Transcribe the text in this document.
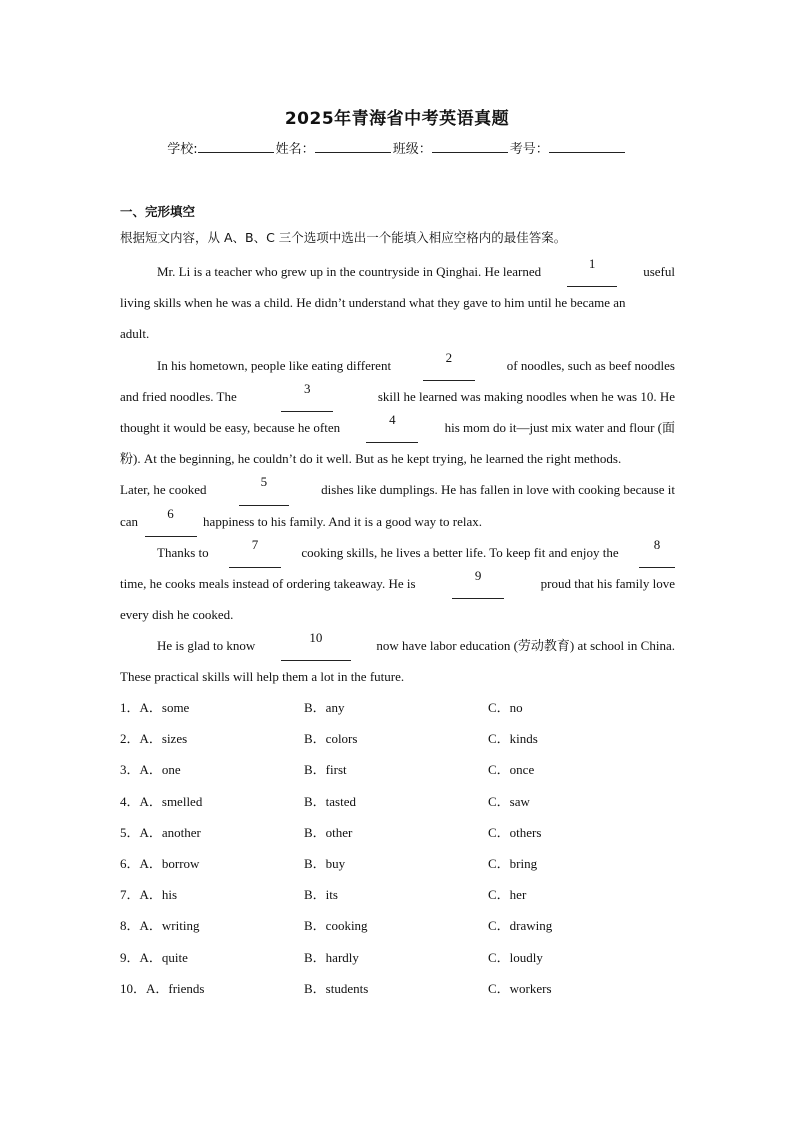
2025年青海省中考英语真题
学校:	姓名：	班级：	考号：
一、完形填空
根据短文内容，从 A、B、C 三个选项中选出一个能填入相应空格内的最佳答案。
Mr. Li is a teacher who grew up in the countryside in Qinghai. He learned
1
useful
living skills when he was a child. He didn’t understand what they gave to him until he became an
adult.
In his hometown, people like eating different
2
of noodles, such as beef noodles
and fried noodles. The
3
skill he learned was making noodles when he was 10. He
thought it would be easy, because he often
4
his mom do it—just mix water and flour (面
粉). At the beginning, he couldn’t do it well. But as he kept trying, he learned the right methods.
Later, he cooked
5
dishes like dumplings. He has fallen in love with cooking because it
can

6

happiness to his family. And it is a good way to relax.
Thanks to
7
cooking skills, he lives a better life. To keep fit and enjoy the
8
time, he cooks meals instead of ordering takeaway. He is
9
proud that his family love
every dish he cooked.
He is glad to know
10
now have labor education (劳动教育) at school in China.
These practical skills will help them a lot in the future.
1．A．some	B．any	C．no
2．A．sizes	B．colors	C．kinds
3．A．one	B．first	C．once
4．A．smelled	B．tasted	C．saw
5．A．another	B．other	C．others
6．A．borrow	B．buy	C．bring
7．A．his	B．its	C．her
8．A．writing	B．cooking	C．drawing
9．A．quite	B．hardly	C．loudly
10．A．friends	B．students	C．workers
